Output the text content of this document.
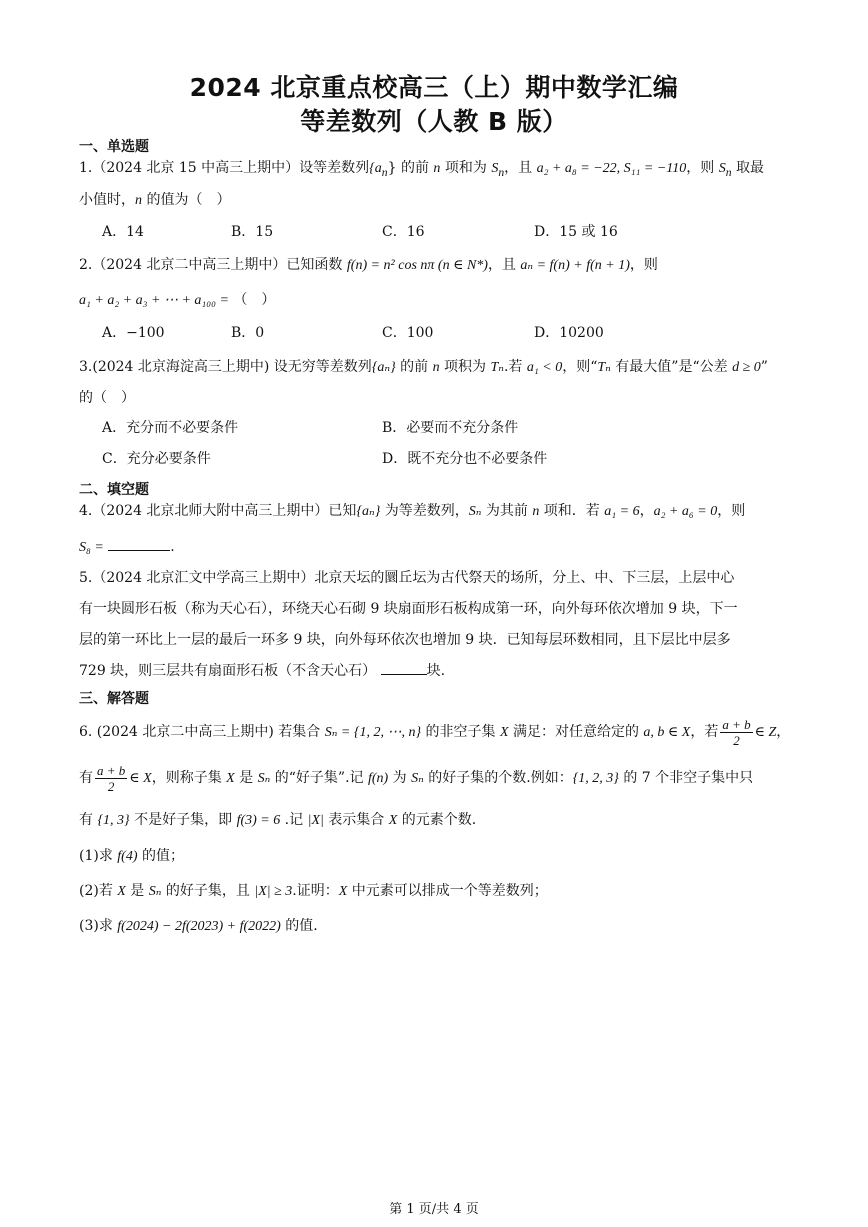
2024 北京重点校高三（上）期中数学汇编
等差数列（人教 B 版）
一、单选题
1.（2024 北京 15 中高三上期中）设等差数列$\{a_n\}$ 的前 n 项和为 $S_n$，且 a₂ + a₈ = −22, S₁₁ = −110，则 $S_n$ 取最
小值时，n 的值为（　）
A．14	B．15	C．16	D．15 或 16
2.（2024 北京二中高三上期中）已知函数 f(n) = n² cos nπ (n ∈ N*)，且 aₙ = f(n) + f(n + 1)，则
a₁ + a₂ + a₃ + ⋯ + a₁₀₀ = （　）
A．−100	B．0	C．100	D．10200
3.(2024 北京海淀高三上期中) 设无穷等差数列{aₙ} 的前 n 项积为 Tₙ.若 a₁ < 0，则“Tₙ 有最大值”是“公差 d ≥ 0”
的（　）
A．充分而不必要条件	B．必要而不充分条件
C．充分必要条件	D．既不充分也不必要条件
二、填空题
4.（2024 北京北师大附中高三上期中）已知{aₙ} 为等差数列，Sₙ 为其前 n 项和．若 a₁ = 6，a₂ + a₆ = 0，则
S₈ =	.
5.（2024 北京汇文中学高三上期中）北京天坛的圜丘坛为古代祭天的场所，分上、中、下三层，上层中心
有一块圆形石板（称为天心石），环绕天心石砌 9 块扇面形石板构成第一环，向外每环依次增加 9 块，下一
层的第一环比上一层的最后一环多 9 块，向外每环依次也增加 9 块．已知每层环数相同，且下层比中层多
729 块，则三层共有扇面形石板（不含天心石）	块.
三、解答题
6. (2024 北京二中高三上期中) 若集合 Sₙ = {1, 2, ⋯, n} 的非空子集 X 满足：对任意给定的 a, b ∈ X，若 $\frac{a + b}{2}$ ∈ Z，
有 $\frac{a + b}{2}$ ∈ X，则称子集 X 是 Sₙ 的“好子集”.记 f(n) 为 Sₙ 的好子集的个数.例如：{1, 2, 3} 的 7 个非空子集中只
有 {1, 3} 不是好子集，即 f(3) = 6 .记 |X| 表示集合 X 的元素个数.
(1)求 f(4) 的值；
(2)若 X 是 Sₙ 的好子集，且 |X| ≥ 3.证明：X 中元素可以排成一个等差数列；
(3)求 f(2024) − 2f(2023) + f(2022) 的值.
第 1 页/共 4 页
